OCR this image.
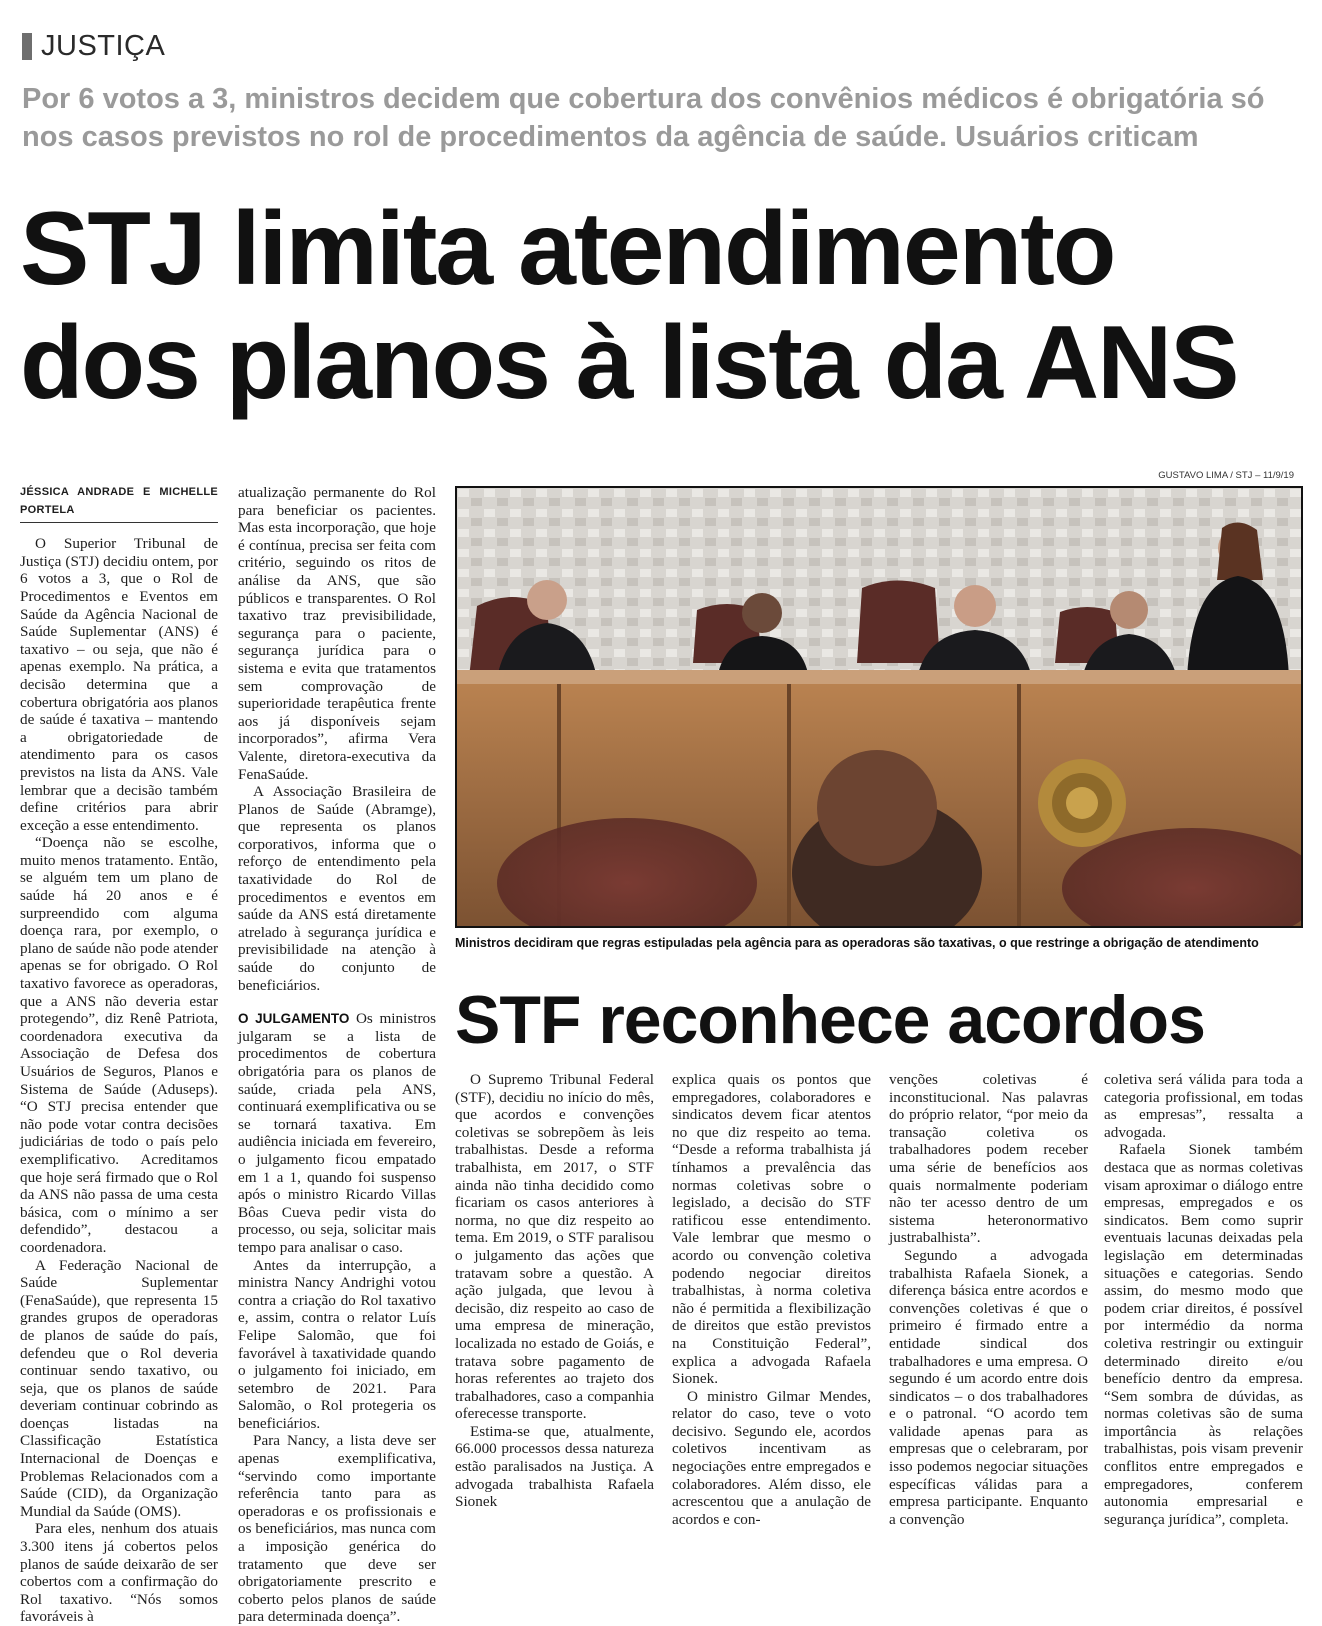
JUSTIÇA
Por 6 votos a 3, ministros decidem que cobertura dos convênios médicos é obrigatória só nos casos previstos no rol de procedimentos da agência de saúde. Usuários criticam
STJ limita atendimento
dos planos à lista da ANS
JÉSSICA ANDRADE E MICHELLE PORTELA

O Superior Tribunal de Justiça (STJ) decidiu ontem, por 6 votos a 3, que o Rol de Procedimentos e Eventos em Saúde da Agência Nacional de Saúde Suplementar (ANS) é taxativo – ou seja, que não é apenas exemplo. Na prática, a decisão determina que a cobertura obrigatória aos planos de saúde é taxativa – mantendo a obrigatoriedade de atendimento para os casos previstos na lista da ANS. Vale lembrar que a decisão também define critérios para abrir exceção a esse entendimento.

“Doença não se escolhe, muito menos tratamento. Então, se alguém tem um plano de saúde há 20 anos e é surpreendido com alguma doença rara, por exemplo, o plano de saúde não pode atender apenas se for obrigado. O Rol taxativo favorece as operadoras, que a ANS não deveria estar protegendo”, diz Renê Patriota, coordenadora executiva da Associação de Defesa dos Usuários de Seguros, Planos e Sistema de Saúde (Aduseps). “O STJ precisa entender que não pode votar contra decisões judiciárias de todo o país pelo exemplificativo. Acreditamos que hoje será firmado que o Rol da ANS não passa de uma cesta básica, com o mínimo a ser defendido”, destacou a coordenadora.

A Federação Nacional de Saúde Suplementar (FenaSaúde), que representa 15 grandes grupos de operadoras de planos de saúde do país, defendeu que o Rol deveria continuar sendo taxativo, ou seja, que os planos de saúde deveriam continuar cobrindo as doenças listadas na Classificação Estatística Internacional de Doenças e Problemas Relacionados com a Saúde (CID), da Organização Mundial da Saúde (OMS).

Para eles, nenhum dos atuais 3.300 itens já cobertos pelos planos de saúde deixarão de ser cobertos com a confirmação do Rol taxativo. “Nós somos favoráveis à

atualização permanente do Rol para beneficiar os pacientes. Mas esta incorporação, que hoje é contínua, precisa ser feita com critério, seguindo os ritos de análise da ANS, que são públicos e transparentes. O Rol taxativo traz previsibilidade, segurança para o paciente, segurança jurídica para o sistema e evita que tratamentos sem comprovação de superioridade terapêutica frente aos já disponíveis sejam incorporados”, afirma Vera Valente, diretora-executiva da FenaSaúde.

A Associação Brasileira de Planos de Saúde (Abramge), que representa os planos corporativos, informa que o reforço de entendimento pela taxatividade do Rol de procedimentos e eventos em saúde da ANS está diretamente atrelado à segurança jurídica e previsibilidade na atenção à saúde do conjunto de beneficiários.

O JULGAMENTO Os ministros julgaram se a lista de procedimentos de cobertura obrigatória para os planos de saúde, criada pela ANS, continuará exemplificativa ou se se tornará taxativa. Em audiência iniciada em fevereiro, o julgamento ficou empatado em 1 a 1, quando foi suspenso após o ministro Ricardo Villas Bôas Cueva pedir vista do processo, ou seja, solicitar mais tempo para analisar o caso.

Antes da interrupção, a ministra Nancy Andrighi votou contra a criação do Rol taxativo e, assim, contra o relator Luís Felipe Salomão, que foi favorável à taxatividade quando o julgamento foi iniciado, em setembro de 2021. Para Salomão, o Rol protegeria os beneficiários.

Para Nancy, a lista deve ser apenas exemplificativa, “servindo como importante referência tanto para as operadoras e os profissionais e os beneficiários, mas nunca com a imposição genérica do tratamento que deve ser obrigatoriamente prescrito e coberto pelos planos de saúde para determinada doença”.

GUSTAVO LIMA / STJ – 11/9/19
Ministros decidiram que regras estipuladas pela agência para as operadoras são taxativas, o que restringe a obrigação de atendimento
STF reconhece acordos

O Supremo Tribunal Federal (STF), decidiu no início do mês, que acordos e convenções coletivas se sobrepõem às leis trabalhistas. Desde a reforma trabalhista, em 2017, o STF ainda não tinha decidido como ficariam os casos anteriores à norma, no que diz respeito ao tema. Em 2019, o STF paralisou o julgamento das ações que tratavam sobre a questão. A ação julgada, que levou à decisão, diz respeito ao caso de uma empresa de mineração, localizada no estado de Goiás, e tratava sobre pagamento de horas referentes ao trajeto dos trabalhadores, caso a companhia oferecesse transporte.

Estima-se que, atualmente, 66.000 processos dessa natureza estão paralisados na Justiça. A advogada trabalhista Rafaela Sionek

explica quais os pontos que empregadores, colaboradores e sindicatos devem ficar atentos no que diz respeito ao tema. “Desde a reforma trabalhista já tínhamos a prevalência das normas coletivas sobre o legislado, a decisão do STF ratificou esse entendimento. Vale lembrar que mesmo o acordo ou convenção coletiva podendo negociar direitos trabalhistas, à norma coletiva não é permitida a flexibilização de direitos que estão previstos na Constituição Federal”, explica a advogada Rafaela Sionek.

O ministro Gilmar Mendes, relator do caso, teve o voto decisivo. Segundo ele, acordos coletivos incentivam as negociações entre empregados e colaboradores. Além disso, ele acrescentou que a anulação de acordos e con-

venções coletivas é inconstitucional. Nas palavras do próprio relator, “por meio da transação coletiva os trabalhadores podem receber uma série de benefícios aos quais normalmente poderiam não ter acesso dentro de um sistema heteronormativo justrabalhista”.

Segundo a advogada trabalhista Rafaela Sionek, a diferença básica entre acordos e convenções coletivas é que o primeiro é firmado entre a entidade sindical dos trabalhadores e uma empresa. O segundo é um acordo entre dois sindicatos – o dos trabalhadores e o patronal. “O acordo tem validade apenas para as empresas que o celebraram, por isso podemos negociar situações específicas válidas para a empresa participante. Enquanto a convenção

coletiva será válida para toda a categoria profissional, em todas as empresas”, ressalta a advogada.

Rafaela Sionek também destaca que as normas coletivas visam aproximar o diálogo entre empresas, empregados e os sindicatos. Bem como suprir eventuais lacunas deixadas pela legislação em determinadas situações e categorias. Sendo assim, do mesmo modo que podem criar direitos, é possível por intermédio da norma coletiva restringir ou extinguir determinado direito e/ou benefício dentro da empresa. “Sem sombra de dúvidas, as normas coletivas são de suma importância às relações trabalhistas, pois visam prevenir conflitos entre empregados e empregadores, conferem autonomia empresarial e segurança jurídica”, completa.
